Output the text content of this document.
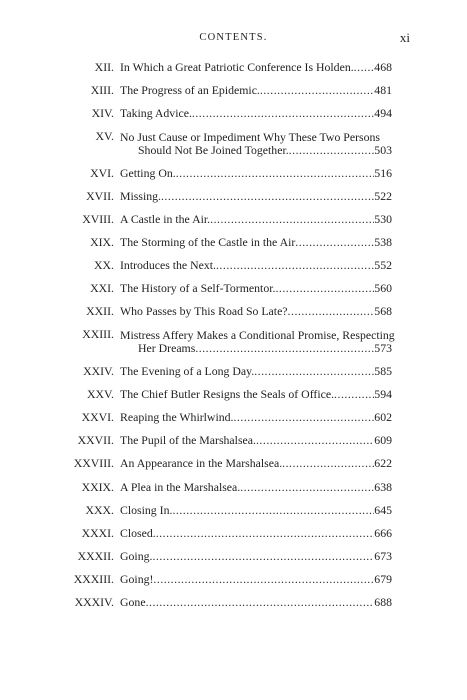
CONTENTS.	xi
XII. In Which a Great Patriotic Conference Is Holden. ..... 468
XIII. The Progress of an Epidemic. .....	481
XIV. Taking Advice. .....	494
XV. No Just Cause or Impediment Why These Two Persons
Should Not Be Joined Together. .....	503
XVI. Getting On. .....	516
XVII. Missing. .....	522
XVIII. A Castle in the Air. .....	530
XIX. The Storming of the Castle in the Air .....	538
XX. Introduces the Next. .....	552
XXI. The History of a Self-Tormentor. .....	560
XXII. Who Passes by This Road So Late? .....	568
XXIII. Mistress Affery Makes a Conditional Promise, Respecting
Her Dreams .....	573
XXIV. The Evening of a Long Day. .....	585
XXV. The Chief Butler Resigns the Seals of Office. .....	594
XXVI. Reaping the Whirlwind. .....	602
XXVII. The Pupil of the Marshalsea. .....	609
XXVIII. An Appearance in the Marshalsea. .....	622
XXIX. A Plea in the Marshalsea. .....	638
XXX. Closing In. .....	645
XXXI. Closed. .....	666
XXXII. Going. .....	673
XXXIII. Going! .....	679
XXXIV. Gone .....	688
